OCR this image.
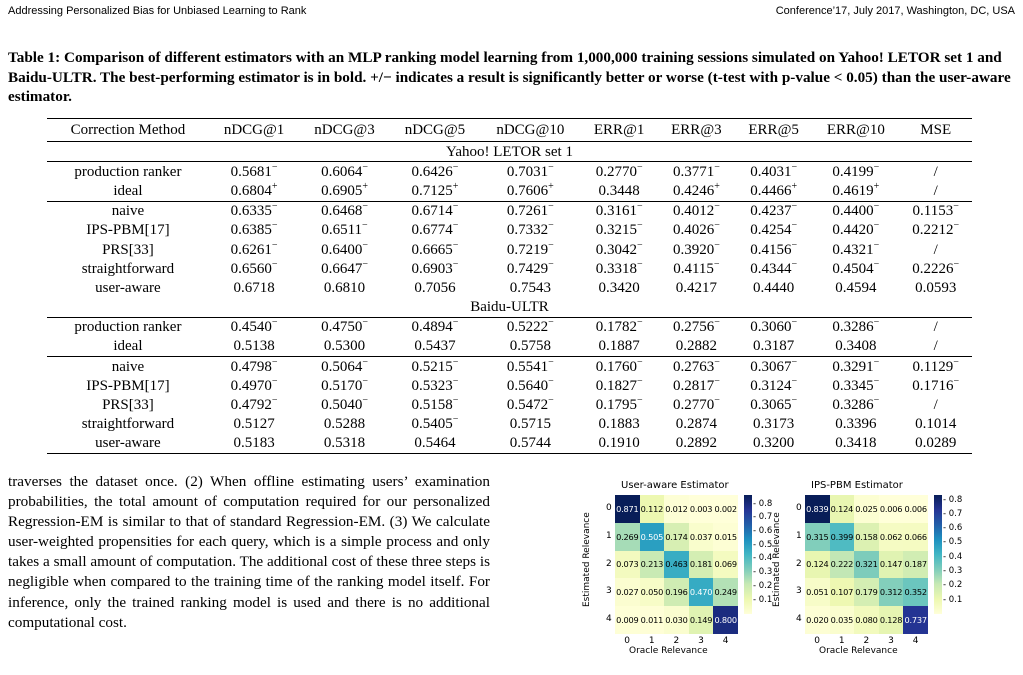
Addressing Personalized Bias for Unbiased Learning to Rank	Conference’17, July 2017, Washington, DC, USA
Table 1: Comparison of different estimators with an MLP ranking model learning from 1,000,000 training sessions simulated on Yahoo! LETOR set 1 and Baidu-ULTR. The best-performing estimator is in bold. +/− indicates a result is significantly better or worse (t-test with p-value < 0.05) than the user-aware estimator.
Correction Method	nDCG@1	nDCG@3	nDCG@5	nDCG@10	ERR@1	ERR@3	ERR@5	ERR@10	MSE
Yahoo! LETOR set 1									
production ranker	0.5681−	0.6064−	0.6426−	0.7031−	0.2770−	0.3771−	0.4031−	0.4199−	/
ideal	0.6804+	0.6905+	0.7125+	0.7606+	0.3448	0.4246+	0.4466+	0.4619+	/
naive	0.6335−	0.6468−	0.6714−	0.7261−	0.3161−	0.4012−	0.4237−	0.4400−	0.1153−
IPS-PBM[17]	0.6385−	0.6511−	0.6774−	0.7332−	0.3215−	0.4026−	0.4254−	0.4420−	0.2212−
PRS[33]	0.6261−	0.6400−	0.6665−	0.7219−	0.3042−	0.3920−	0.4156−	0.4321−	/
straightforward	0.6560−	0.6647−	0.6903−	0.7429−	0.3318−	0.4115−	0.4344−	0.4504−	0.2226−
user-aware	0.6718	0.6810	0.7056	0.7543	0.3420	0.4217	0.4440	0.4594	0.0593
Baidu-ULTR									
production ranker	0.4540−	0.4750−	0.4894−	0.5222−	0.1782−	0.2756−	0.3060−	0.3286−	/
ideal	0.5138	0.5300	0.5437	0.5758	0.1887	0.2882	0.3187	0.3408	/
naive	0.4798−	0.5064−	0.5215−	0.5541−	0.1760−	0.2763−	0.3067−	0.3291−	0.1129−
IPS-PBM[17]	0.4970−	0.5170−	0.5323−	0.5640−	0.1827−	0.2817−	0.3124−	0.3345−	0.1716−
PRS[33]	0.4792−	0.5040−	0.5158−	0.5472−	0.1795−	0.2770−	0.3065−	0.3286−	/
straightforward	0.5127	0.5288	0.5405−	0.5715	0.1883	0.2874	0.3173	0.3396	0.1014
user-aware	0.5183	0.5318	0.5464	0.5744	0.1910	0.2892	0.3200	0.3418	0.0289

traverses the dataset once. (2) When offline estimating users’ examination probabilities, the total amount of computation required for our personalized Regression-EM is similar to that of standard Regression-EM. (3) We calculate user-weighted propensities for each query, which is a simple process and only takes a small amount of computation. The additional cost of these three steps is negligible when compared to the training time of the ranking model itself. For inference, only the trained ranking model is used and there is no additional computational cost.

User-aware Estimator
Estimated Relevance
0.871 0.112 0.012 0.003 0.002
0.269 0.505 0.174 0.037 0.015
0.073 0.213 0.463 0.181 0.069
0.027 0.050 0.196 0.470 0.249
0.009 0.011 0.030 0.149 0.800
0
1
2
3
4
0 1 2 3 4
Oracle Relevance
- 0.1
- 0.2
- 0.3
- 0.4
- 0.5
- 0.6
- 0.7
- 0.8
IPS-PBM Estimator
Estimated Relevance
0.839 0.124 0.025 0.006 0.006
0.315 0.399 0.158 0.062 0.066
0.124 0.222 0.321 0.147 0.187
0.051 0.107 0.179 0.312 0.352
0.020 0.035 0.080 0.128 0.737
0
1
2
3
4
0 1 2 3 4
Oracle Relevance
- 0.1
- 0.2
- 0.3
- 0.4
- 0.5
- 0.6
- 0.7
- 0.8
